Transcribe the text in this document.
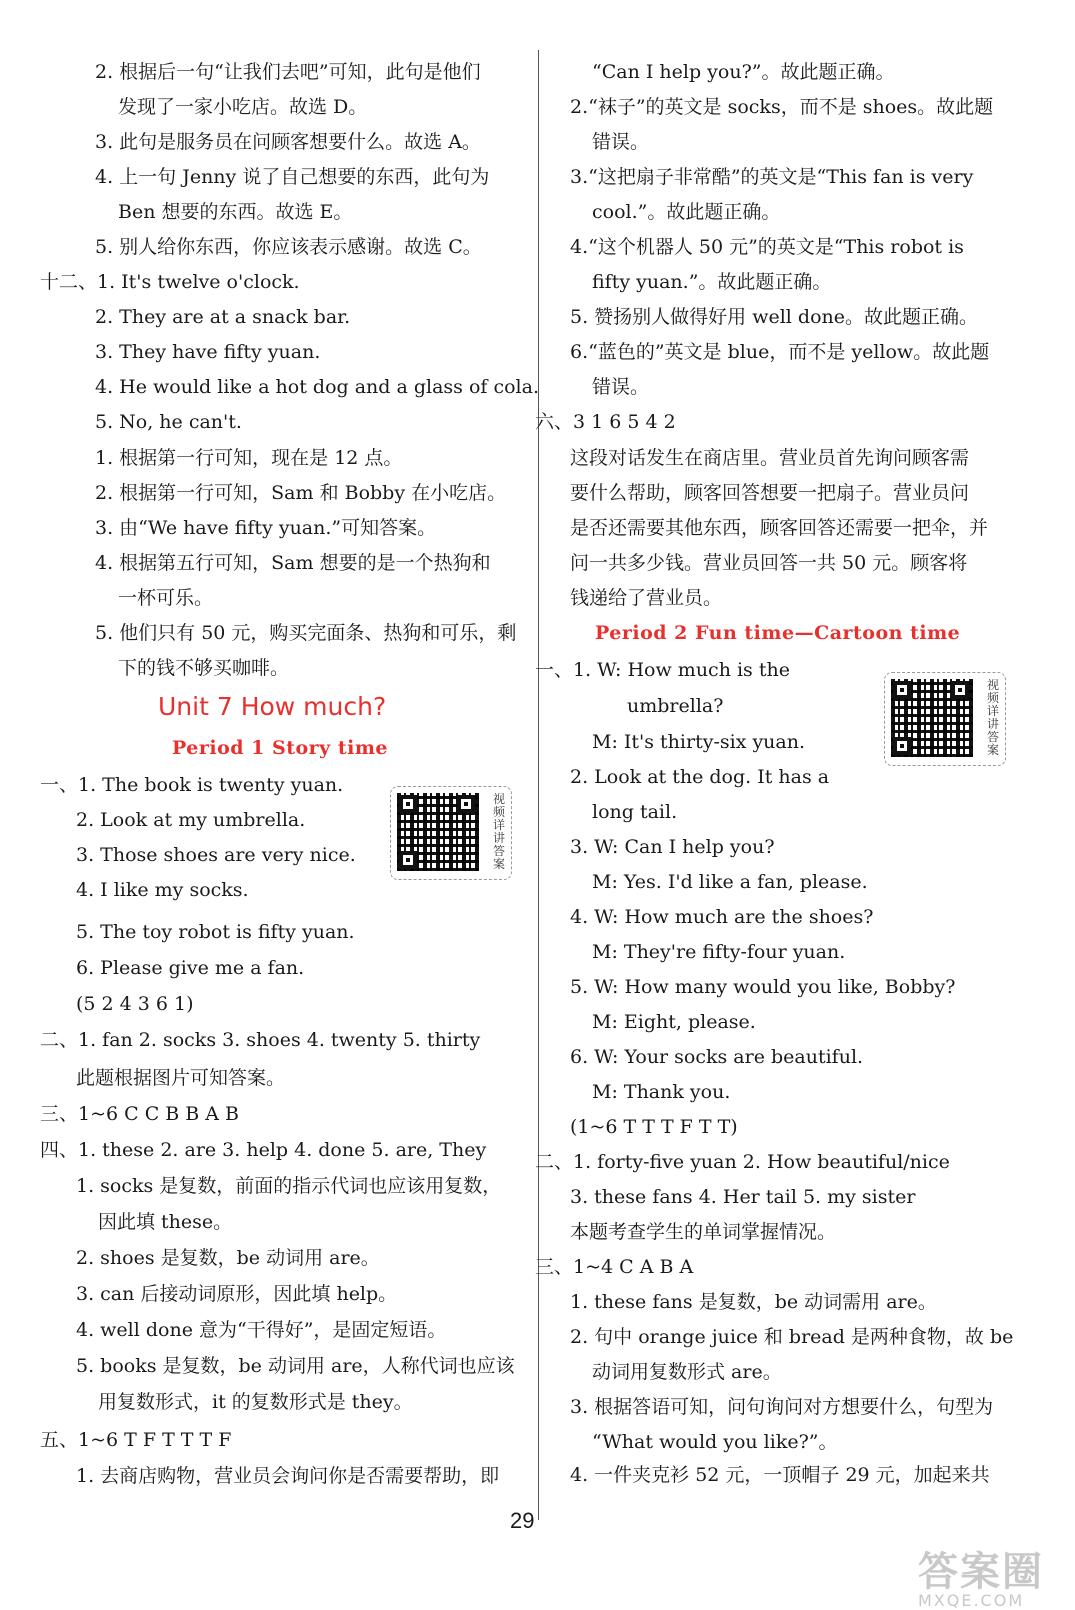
2. 根据后一句“让我们去吧”可知，此句是他们
发现了一家小吃店。故选 D。
3. 此句是服务员在问顾客想要什么。故选 A。
4. 上一句 Jenny 说了自己想要的东西，此句为
Ben 想要的东西。故选 E。
5. 别人给你东西，你应该表示感谢。故选 C。
十二、1. It's twelve o'clock.
2. They are at a snack bar.
3. They have fifty yuan.
4. He would like a hot dog and a glass of cola.
5. No, he can't.
1. 根据第一行可知，现在是 12 点。
2. 根据第一行可知，Sam 和 Bobby 在小吃店。
3. 由“We have fifty yuan.”可知答案。
4. 根据第五行可知，Sam 想要的是一个热狗和
一杯可乐。
5. 他们只有 50 元，购买完面条、热狗和可乐，剩
下的钱不够买咖啡。
一、1. The book is twenty yuan.
2. Look at my umbrella.
3. Those shoes are very nice.
4. I like my socks.
5. The toy robot is fifty yuan.
6. Please give me a fan.
(5 2 4 3 6 1)
二、1. fan 2. socks 3. shoes 4. twenty 5. thirty
此题根据图片可知答案。
三、1~6 C C B B A B
四、1. these 2. are 3. help 4. done 5. are, They
1. socks 是复数，前面的指示代词也应该用复数，
因此填 these。
2. shoes 是复数，be 动词用 are。
3. can 后接动词原形，因此填 help。
4. well done 意为“干得好”，是固定短语。
5. books 是复数，be 动词用 are，人称代词也应该
用复数形式，it 的复数形式是 they。
五、1~6 T F T T T F
1. 去商店购物，营业员会询问你是否需要帮助，即
“Can I help you?”。故此题正确。
2.“袜子”的英文是 socks，而不是 shoes。故此题
错误。
3.“这把扇子非常酷”的英文是“This fan is very
cool.”。故此题正确。
4.“这个机器人 50 元”的英文是“This robot is
fifty yuan.”。故此题正确。
5. 赞扬别人做得好用 well done。故此题正确。
6.“蓝色的”英文是 blue，而不是 yellow。故此题
错误。
六、3 1 6 5 4 2
这段对话发生在商店里。营业员首先询问顾客需
要什么帮助，顾客回答想要一把扇子。营业员问
是否还需要其他东西，顾客回答还需要一把伞，并
问一共多少钱。营业员回答一共 50 元。顾客将
钱递给了营业员。
一、1. W: How much is the
umbrella?
M: It's thirty-six yuan.
2. Look at the dog. It has a
long tail.
3. W: Can I help you?
M: Yes. I'd like a fan, please.
4. W: How much are the shoes?
M: They're fifty-four yuan.
5. W: How many would you like, Bobby?
M: Eight, please.
6. W: Your socks are beautiful.
M: Thank you.
(1~6 T T T F T T)
二、1. forty-five yuan 2. How beautiful/nice
3. these fans 4. Her tail 5. my sister
本题考查学生的单词掌握情况。
三、1~4 C A B A
1. these fans 是复数，be 动词需用 are。
2. 句中 orange juice 和 bread 是两种食物，故 be
动词用复数形式 are。
3. 根据答语可知，问句询问对方想要什么，句型为
“What would you like?”。
4. 一件夹克衫 52 元，一顶帽子 29 元，加起来共
Unit 7 How much?
Period 1 Story time
Period 2 Fun time—Cartoon time
视频详讲答案
视频详讲答案
29
答案圈
MXQE.COM
